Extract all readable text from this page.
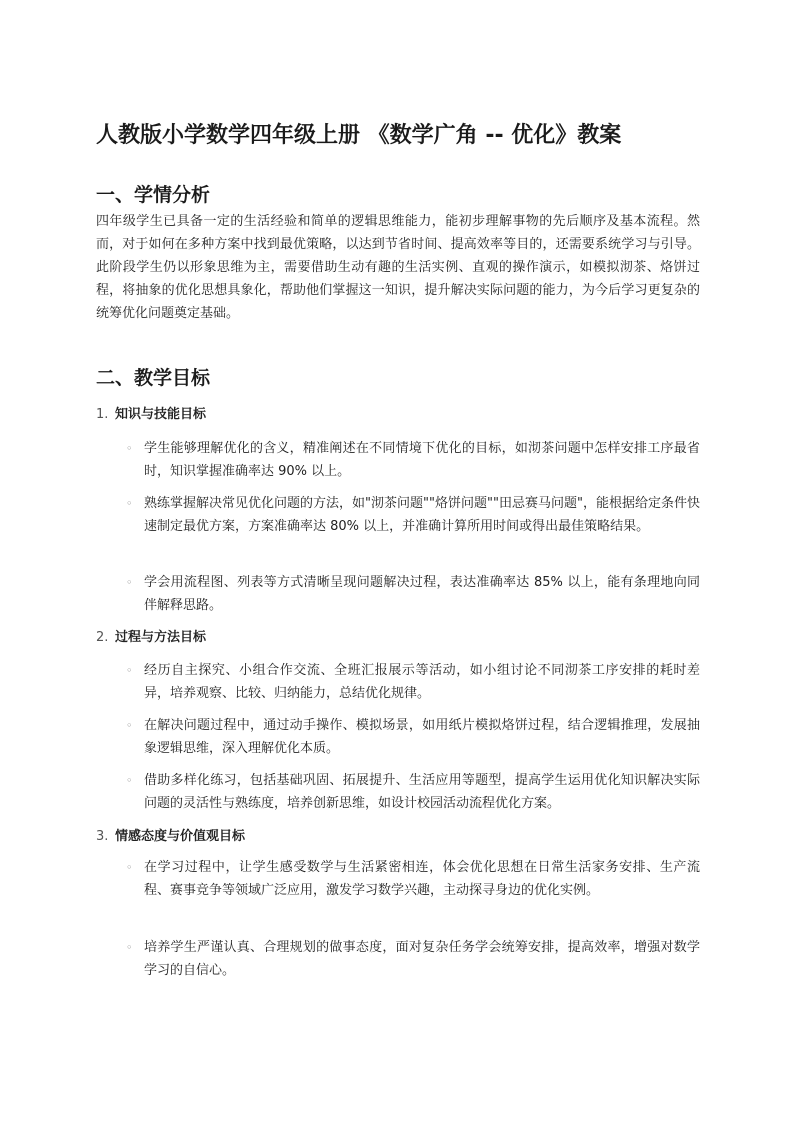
人教版小学数学四年级上册 《数学广角 -- 优化》教案
一、学情分析

四年级学生已具备一定的生活经验和简单的逻辑思维能力，能初步理解事物的先后顺序及基本流程。然而，对于如何在多种方案中找到最优策略，以达到节省时间、提高效率等目的，还需要系统学习与引导。此阶段学生仍以形象思维为主，需要借助生动有趣的生活实例、直观的操作演示，如模拟沏茶、烙饼过程，将抽象的优化思想具象化，帮助他们掌握这一知识，提升解决实际问题的能力，为今后学习更复杂的统筹优化问题奠定基础。

二、教学目标
1. 知识与技能目标
◦ 学生能够理解优化的含义，精准阐述在不同情境下优化的目标，如沏茶问题中怎样安排工序最省时，知识掌握准确率达 90% 以上。
◦ 熟练掌握解决常见优化问题的方法，如"沏茶问题""烙饼问题""田忌赛马问题"，能根据给定条件快速制定最优方案，方案准确率达 80% 以上，并准确计算所用时间或得出最佳策略结果。
◦ 学会用流程图、列表等方式清晰呈现问题解决过程，表达准确率达 85% 以上，能有条理地向同伴解释思路。
2. 过程与方法目标
◦ 经历自主探究、小组合作交流、全班汇报展示等活动，如小组讨论不同沏茶工序安排的耗时差异，培养观察、比较、归纳能力，总结优化规律。
◦ 在解决问题过程中，通过动手操作、模拟场景，如用纸片模拟烙饼过程，结合逻辑推理，发展抽象逻辑思维，深入理解优化本质。
◦ 借助多样化练习，包括基础巩固、拓展提升、生活应用等题型，提高学生运用优化知识解决实际问题的灵活性与熟练度，培养创新思维，如设计校园活动流程优化方案。
3. 情感态度与价值观目标
◦ 在学习过程中，让学生感受数学与生活紧密相连，体会优化思想在日常生活家务安排、生产流程、赛事竞争等领域广泛应用，激发学习数学兴趣，主动探寻身边的优化实例。
◦ 培养学生严谨认真、合理规划的做事态度，面对复杂任务学会统筹安排，提高效率，增强对数学学习的自信心。
